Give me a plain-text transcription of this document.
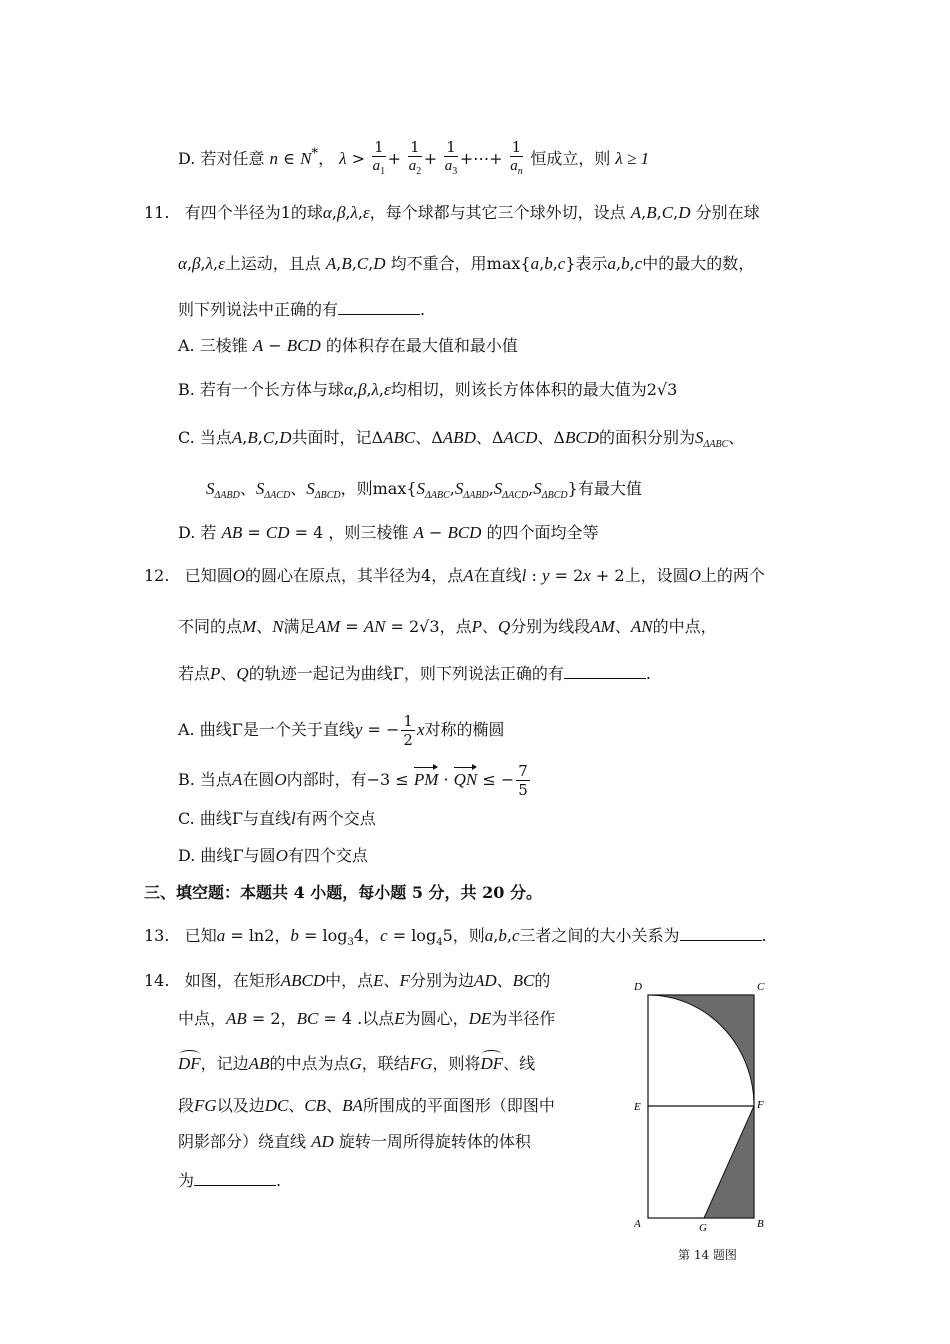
D. 若对任意 n ∈ N*， $\lambda > \frac{1}{a_1} + \frac{1}{a_2} + \frac{1}{a_3}$ +⋯+ $\frac{1}{a_n}$ 恒成立，则 λ ≥ 1
11. 有四个半径为1的球α,β,λ,ε，每个球都与其它三个球外切，设点 A,B,C,D 分别在球
α,β,λ,ε上运动，且点 A,B,C,D 均不重合，用max{a,b,c}表示a,b,c中的最大的数，
则下列说法中正确的有	.
A. 三棱锥 A − BCD 的体积存在最大值和最小值
B. 若有一个长方体与球α,β,λ,ε均相切，则该长方体体积的最大值为2√3
C. 当点A,B,C,D共面时，记ΔABC、ΔABD、ΔACD、ΔBCD的面积分别为$S_{\Delta ABC}$、
$S_{\Delta ABD}$、$S_{\Delta ACD}$、$S_{\Delta BCD}$，则$\max\{S_{\Delta ABC},S_{\Delta ABD},S_{\Delta ACD},S_{\Delta BCD}\}$有最大值
D. 若 AB = CD = 4 ，则三棱锥 A − BCD 的四个面均全等
12. 已知圆O的圆心在原点，其半径为4，点A在直线l : y = 2x + 2上，设圆O上的两个
不同的点M、N满足AM = AN = 2√3，点P、Q分别为线段AM、AN的中点，
若点P、Q的轨迹一起记为曲线Γ，则下列说法正确的有	.
A. 曲线Γ是一个关于直线y = − $\frac{1}{2}$ x对称的椭圆
B. 当点A在圆O内部时，有−3 ≤ PM · QN ≤ − $\frac{7}{5}$
C. 曲线Γ与直线l有两个交点
D. 曲线Γ与圆O有四个交点
三、填空题：本题共 4 小题，每小题 5 分，共 20 分。
13. 已知a = ln2，$b = \log_34$，$c = \log_45$，则a,b,c三者之间的大小关系为	.
14. 如图，在矩形ABCD中，点E、F分别为边AD、BC的
中点，AB = 2，BC = 4 .以点E为圆心，DE为半径作
DF，记边AB的中点为点G，联结FG，则将DF、线
段FG以及边DC、CB、BA所围成的平面图形（即图中
阴影部分）绕直线 AD 旋转一周所得旋转体的体积
为	.
D	C
E	F
A	G	B
第 14 题图
